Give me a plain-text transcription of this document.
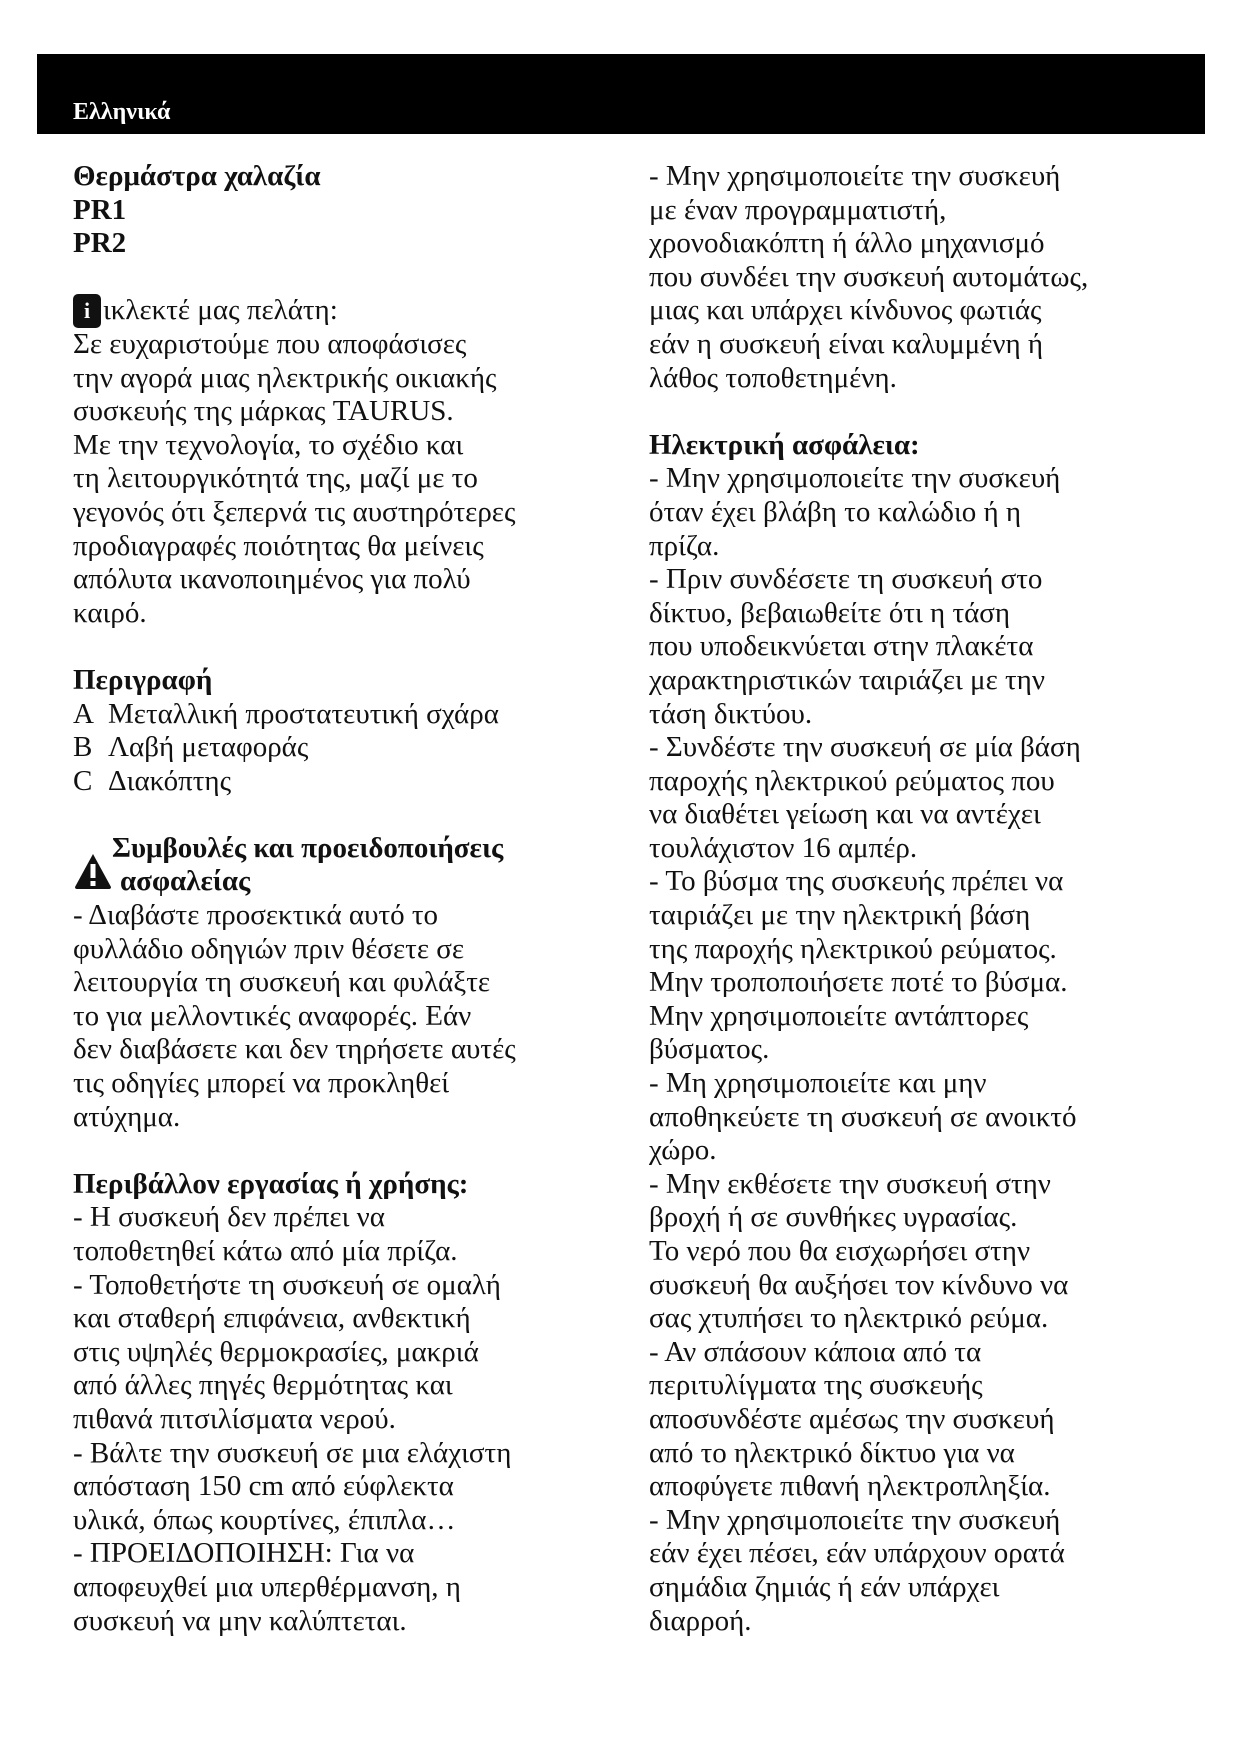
Ελληνικά
Θερμάστρα χαλαζία
PR1
PR2
i ικλεκτέ μας πελάτη:
Σε ευχαριστούμε που αποφάσισες
την αγορά μιας ηλεκτρικής οικιακής
συσκευής της μάρκας TAURUS.
Με την τεχνολογία, το σχέδιο και
τη λειτουργικότητά της, μαζί με το
γεγονός ότι ξεπερνά τις αυστηρότερες
προδιαγραφές ποιότητας θα μείνεις
απόλυτα ικανοποιημένος για πολύ
καιρό.
Περιγραφή
A Μεταλλική προστατευτική σχάρα
B Λαβή μεταφοράς
C Διακόπτης
Συμβουλές και προειδοποιήσεις
ασφαλείας
- Διαβάστε προσεκτικά αυτό το
φυλλάδιο οδηγιών πριν θέσετε σε
λειτουργία τη συσκευή και φυλάξτε
το για μελλοντικές αναφορές. Εάν
δεν διαβάσετε και δεν τηρήσετε αυτές
τις οδηγίες μπορεί να προκληθεί
ατύχημα.
Περιβάλλον εργασίας ή χρήσης:
- Η συσκευή δεν πρέπει να
τοποθετηθεί κάτω από μία πρίζα.
- Τοποθετήστε τη συσκευή σε ομαλή
και σταθερή επιφάνεια, ανθεκτική
στις υψηλές θερμοκρασίες, μακριά
από άλλες πηγές θερμότητας και
πιθανά πιτσιλίσματα νερού.
- Βάλτε την συσκευή σε μια ελάχιστη
απόσταση 150 cm από εύφλεκτα
υλικά, όπως κουρτίνες, έπιπλα…
- ΠΡΟΕΙΔΟΠΟΙΗΣΗ: Για να
αποφευχθεί μια υπερθέρμανση, η
συσκευή να μην καλύπτεται.
- Μην χρησιμοποιείτε την συσκευή
με έναν προγραμματιστή,
χρονοδιακόπτη ή άλλο μηχανισμό
που συνδέει την συσκευή αυτομάτως,
μιας και υπάρχει κίνδυνος φωτιάς
εάν η συσκευή είναι καλυμμένη ή
λάθος τοποθετημένη.
Ηλεκτρική ασφάλεια:
- Μην χρησιμοποιείτε την συσκευή
όταν έχει βλάβη το καλώδιο ή η
πρίζα.
- Πριν συνδέσετε τη συσκευή στο
δίκτυο, βεβαιωθείτε ότι η τάση
που υποδεικνύεται στην πλακέτα
χαρακτηριστικών ταιριάζει με την
τάση δικτύου.
- Συνδέστε την συσκευή σε μία βάση
παροχής ηλεκτρικού ρεύματος που
να διαθέτει γείωση και να αντέχει
τουλάχιστον 16 αμπέρ.
- Το βύσμα της συσκευής πρέπει να
ταιριάζει με την ηλεκτρική βάση
της παροχής ηλεκτρικού ρεύματος.
Μην τροποποιήσετε ποτέ το βύσμα.
Μην χρησιμοποιείτε αντάπτορες
βύσματος.
- Μη χρησιμοποιείτε και μην
αποθηκεύετε τη συσκευή σε ανοικτό
χώρο.
- Μην εκθέσετε την συσκευή στην
βροχή ή σε συνθήκες υγρασίας.
Το νερό που θα εισχωρήσει στην
συσκευή θα αυξήσει τον κίνδυνο να
σας χτυπήσει το ηλεκτρικό ρεύμα.
- Αν σπάσουν κάποια από τα
περιτυλίγματα της συσκευής
αποσυνδέστε αμέσως την συσκευή
από το ηλεκτρικό δίκτυο για να
αποφύγετε πιθανή ηλεκτροπληξία.
- Μην χρησιμοποιείτε την συσκευή
εάν έχει πέσει, εάν υπάρχουν ορατά
σημάδια ζημιάς ή εάν υπάρχει
διαρροή.
